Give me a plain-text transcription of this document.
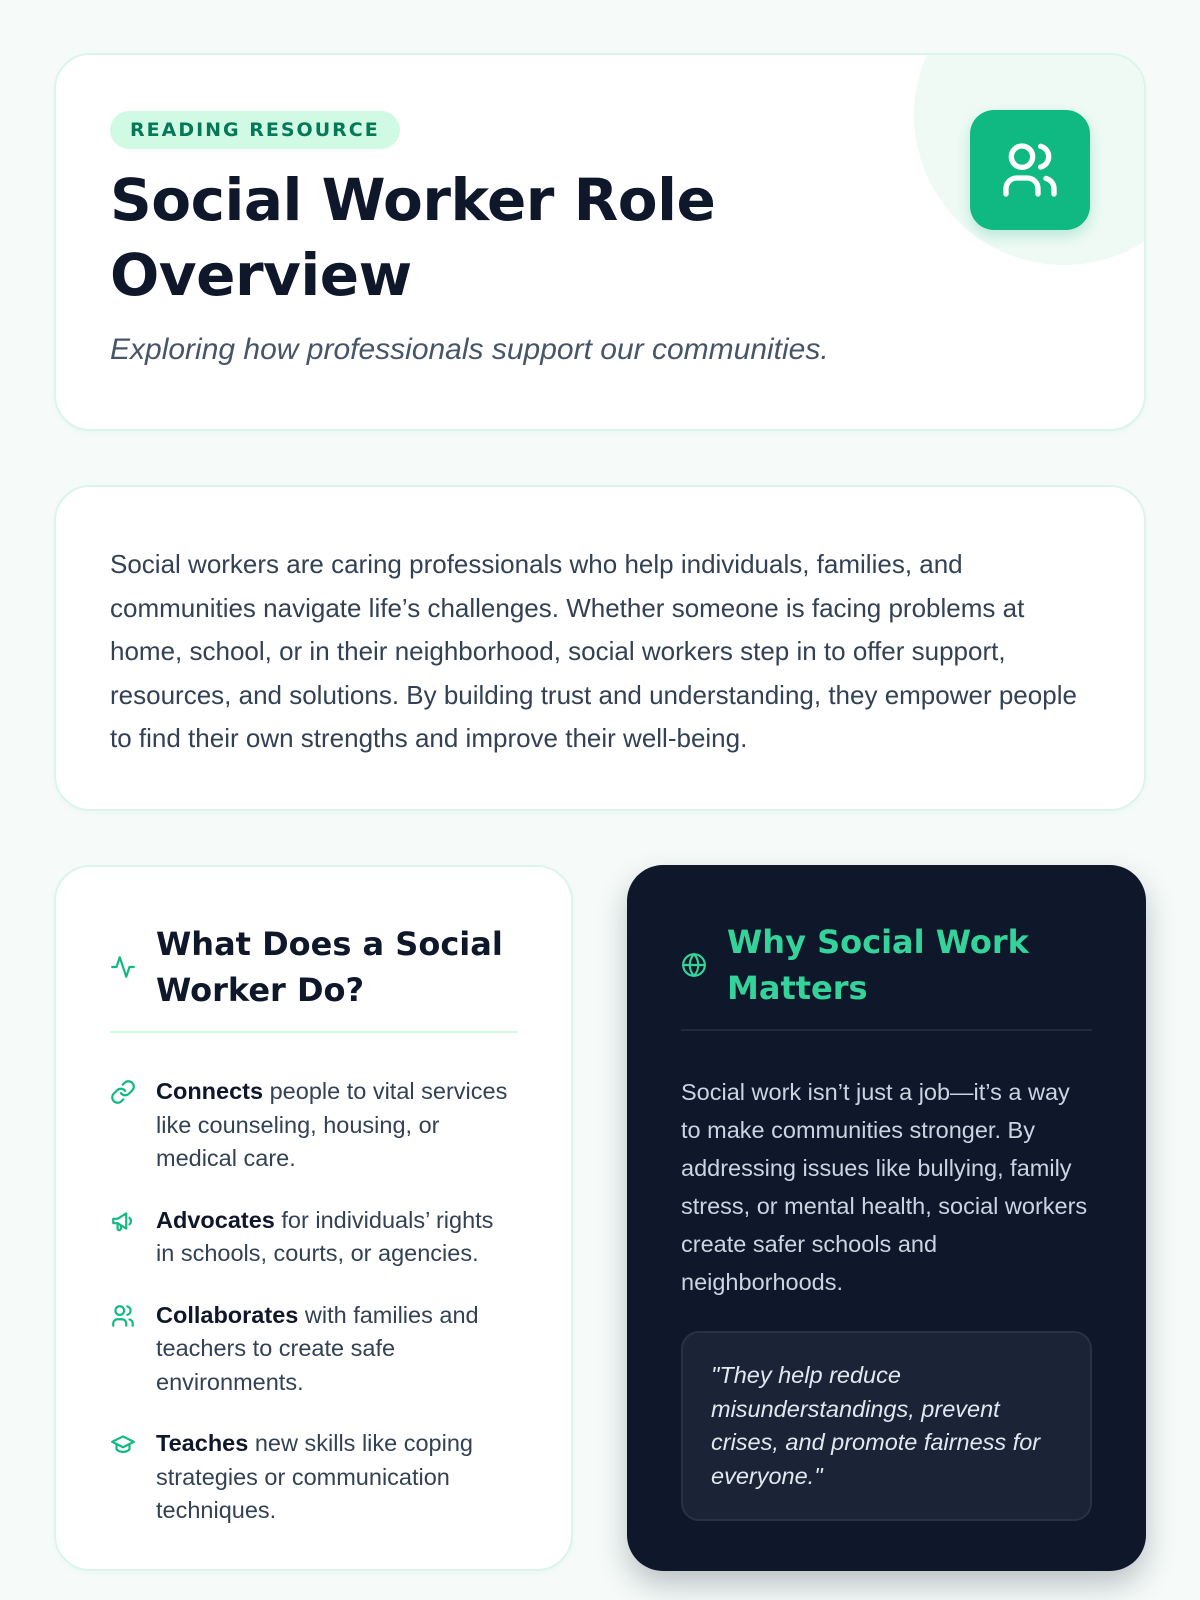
READING RESOURCE
Social Worker Role Overview

Exploring how professionals support our communities.

Social workers are caring professionals who help individuals, families, and communities navigate life’s challenges. Whether someone is facing problems at home, school, or in their neighborhood, social workers step in to offer support, resources, and solutions. By building trust and understanding, they empower people to find their own strengths and improve their well-being.

What Does a Social Worker Do?

Connects people to vital services like counseling, housing, or medical care.

Advocates for individuals’ rights in schools, courts, or agencies.

Collaborates with families and teachers to create safe environments.

Teaches new skills like coping strategies or communication techniques.

Why Social Work Matters

Social work isn’t just a job—it’s a way to make communities stronger. By addressing issues like bullying, family stress, or mental health, social workers create safer schools and neighborhoods.

"They help reduce misunderstandings, prevent crises, and promote fairness for everyone."
